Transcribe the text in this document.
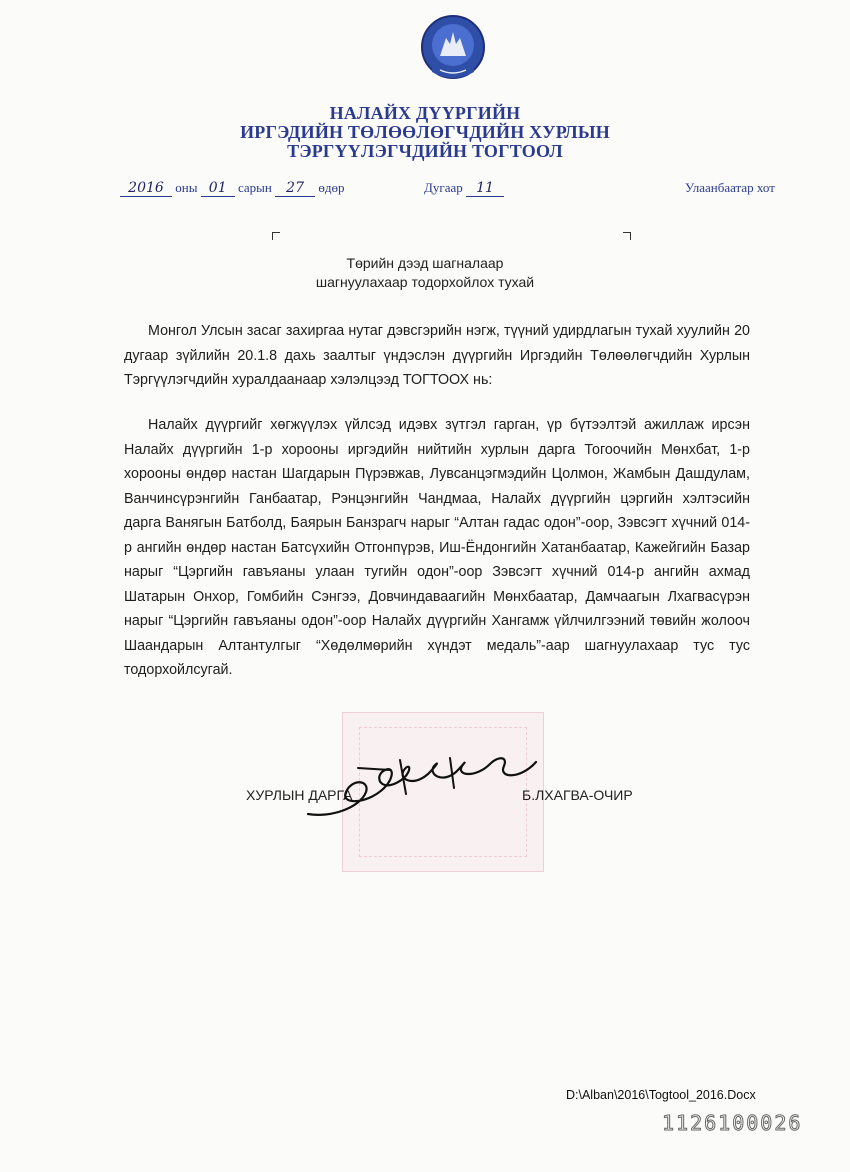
НАЛАЙХ ДҮҮРГИЙН
ИРГЭДИЙН ТӨЛӨӨЛӨГЧДИЙН ХУРЛЫН
ТЭРГҮҮЛЭГЧДИЙН ТОГТООЛ
2016 оны 01 сарын 27 өдөр	Дугаар 11	Улаанбаатар хот
Төрийн дээд шагналаар
шагнуулахаар тодорхойлох тухай

Монгол Улсын засаг захиргаа нутаг дэвсгэрийн нэгж, түүний удирдлагын тухай хуулийн 20 дугаар зүйлийн 20.1.8 дахь заалтыг үндэслэн дүүргийн Иргэдийн Төлөөлөгчдийн Хурлын Тэргүүлэгчдийн хуралдаанаар хэлэлцээд ТОГТООХ нь:

Налайх дүүргийг хөгжүүлэх үйлсэд идэвх зүтгэл гарган, үр бүтээлтэй ажиллаж ирсэн Налайх дүүргийн 1-р хорооны иргэдийн нийтийн хурлын дарга Тогоочийн Мөнхбат, 1-р хорооны өндөр настан Шагдарын Пүрэвжав, Лувсанцэгмэдийн Цолмон, Жамбын Дашдулам, Ванчинсүрэнгийн Ганбаатар, Рэнцэнгийн Чандмаа, Налайх дүүргийн цэргийн хэлтэсийн дарга Ванягын Батболд, Баярын Банзрагч нарыг “Алтан гадас одон”-оор, Зэвсэгт хүчний 014-р ангийн өндөр настан Батсүхийн Отгонпүрэв, Иш-Ёндонгийн Хатанбаатар, Кажейгийн Базар нарыг “Цэргийн гавъяаны улаан тугийн одон”-оор Зэвсэгт хүчний 014-р ангийн ахмад Шатарын Онхор, Гомбийн Сэнгээ, Довчиндаваагийн Мөнхбаатар, Дамчаагын Лхагвасүрэн нарыг “Цэргийн гавъяаны одон”-оор Налайх дүүргийн Хангамж үйлчилгээний төвийн жолооч Шаандарын Алтантулгыг “Хөдөлмөрийн хүндэт медаль”-аар шагнуулахаар тус тус тодорхойлсугай.

ХУРЛЫН ДАРГА	Б.ЛХАГВА-ОЧИР
D:\Alban\2016\Togtool_2016.Docx
1126100026
